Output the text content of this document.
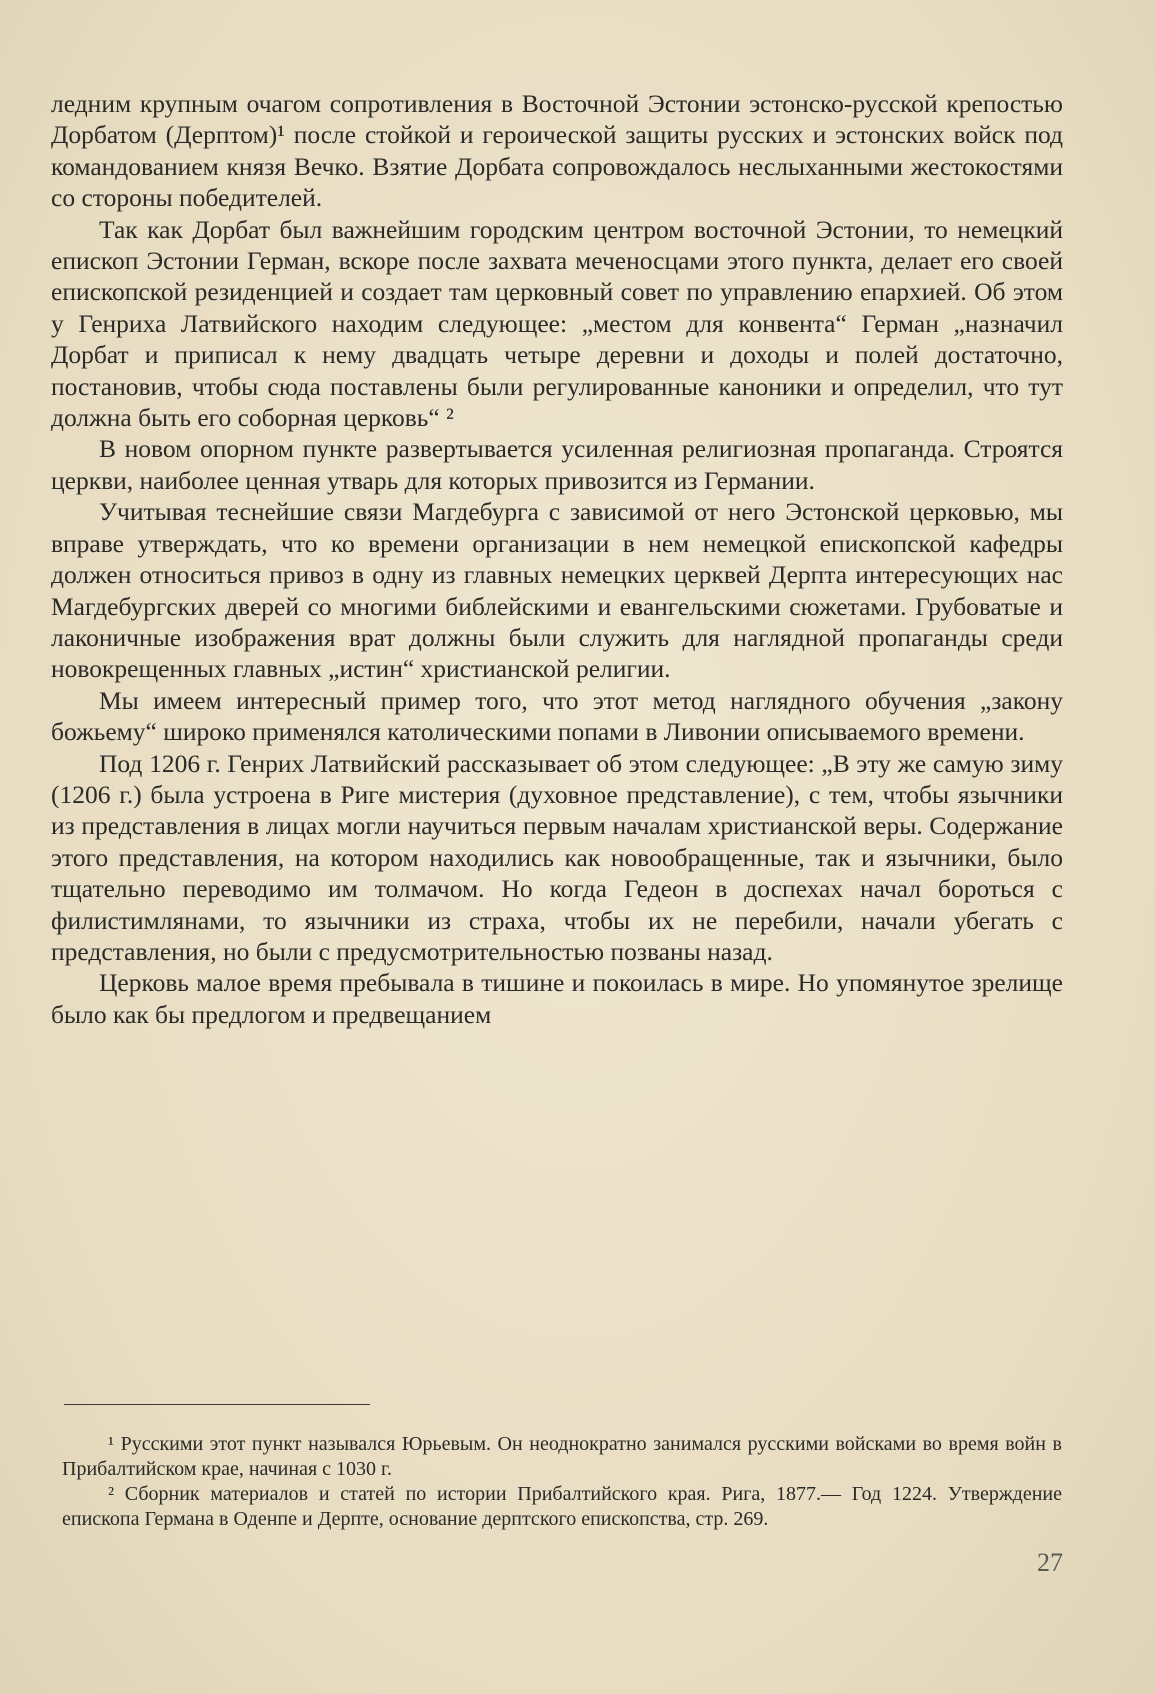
ледним крупным очагом сопротивления в Восточной Эстонии эстонско-русской крепостью Дорбатом (Дерптом)¹ после стойкой и героической защиты русских и эстонских войск под командованием князя Вечко. Взятие Дорбата сопровождалось неслыханными жестокостями со стороны победителей.

Так как Дорбат был важнейшим городским центром восточной Эстонии, то немецкий епископ Эстонии Герман, вскоре после захвата меченосцами этого пункта, делает его своей епископской резиденцией и создает там церковный совет по управлению епархией. Об этом у Генриха Латвийского находим следующее: „местом для конвента“ Герман „назначил Дорбат и приписал к нему двадцать четыре деревни и доходы и полей достаточно, постановив, чтобы сюда поставлены были регулированные каноники и определил, что тут должна быть его соборная церковь“ ²

В новом опорном пункте развертывается усиленная религиозная пропаганда. Строятся церкви, наиболее ценная утварь для которых привозится из Германии.

Учитывая теснейшие связи Магдебурга с зависимой от него Эстонской церковью, мы вправе утверждать, что ко времени организации в нем немецкой епископской кафедры должен относиться привоз в одну из главных немецких церквей Дерпта интересующих нас Магдебургских дверей со многими библейскими и евангельскими сюжетами. Грубоватые и лаконичные изображения врат должны были служить для наглядной пропаганды среди новокрещенных главных „истин“ христианской религии.

Мы имеем интересный пример того, что этот метод наглядного обучения „закону божьему“ широко применялся католическими попами в Ливонии описываемого времени.

Под 1206 г. Генрих Латвийский рассказывает об этом следующее: „В эту же самую зиму (1206 г.) была устроена в Риге мистерия (духовное представление), с тем, чтобы язычники из представления в лицах могли научиться первым началам христианской веры. Содержание этого представления, на котором находились как новообращенные, так и язычники, было тщательно переводимо им толмачом. Но когда Гедеон в доспехах начал бороться с филистимлянами, то язычники из страха, чтобы их не перебили, начали убегать с представления, но были с предусмотрительностью позваны назад.

Церковь малое время пребывала в тишине и покоилась в мире. Но упомянутое зрелище было как бы предлогом и предвещанием

¹ Русскими этот пункт назывался Юрьевым. Он неоднократно занимался русскими войсками во время войн в Прибалтийском крае, начиная с 1030 г.

² Сборник материалов и статей по истории Прибалтийского края. Рига, 1877.— Год 1224. Утверждение епископа Германа в Оденпе и Дерпте, основание дерптского епископства, стр. 269.

27
